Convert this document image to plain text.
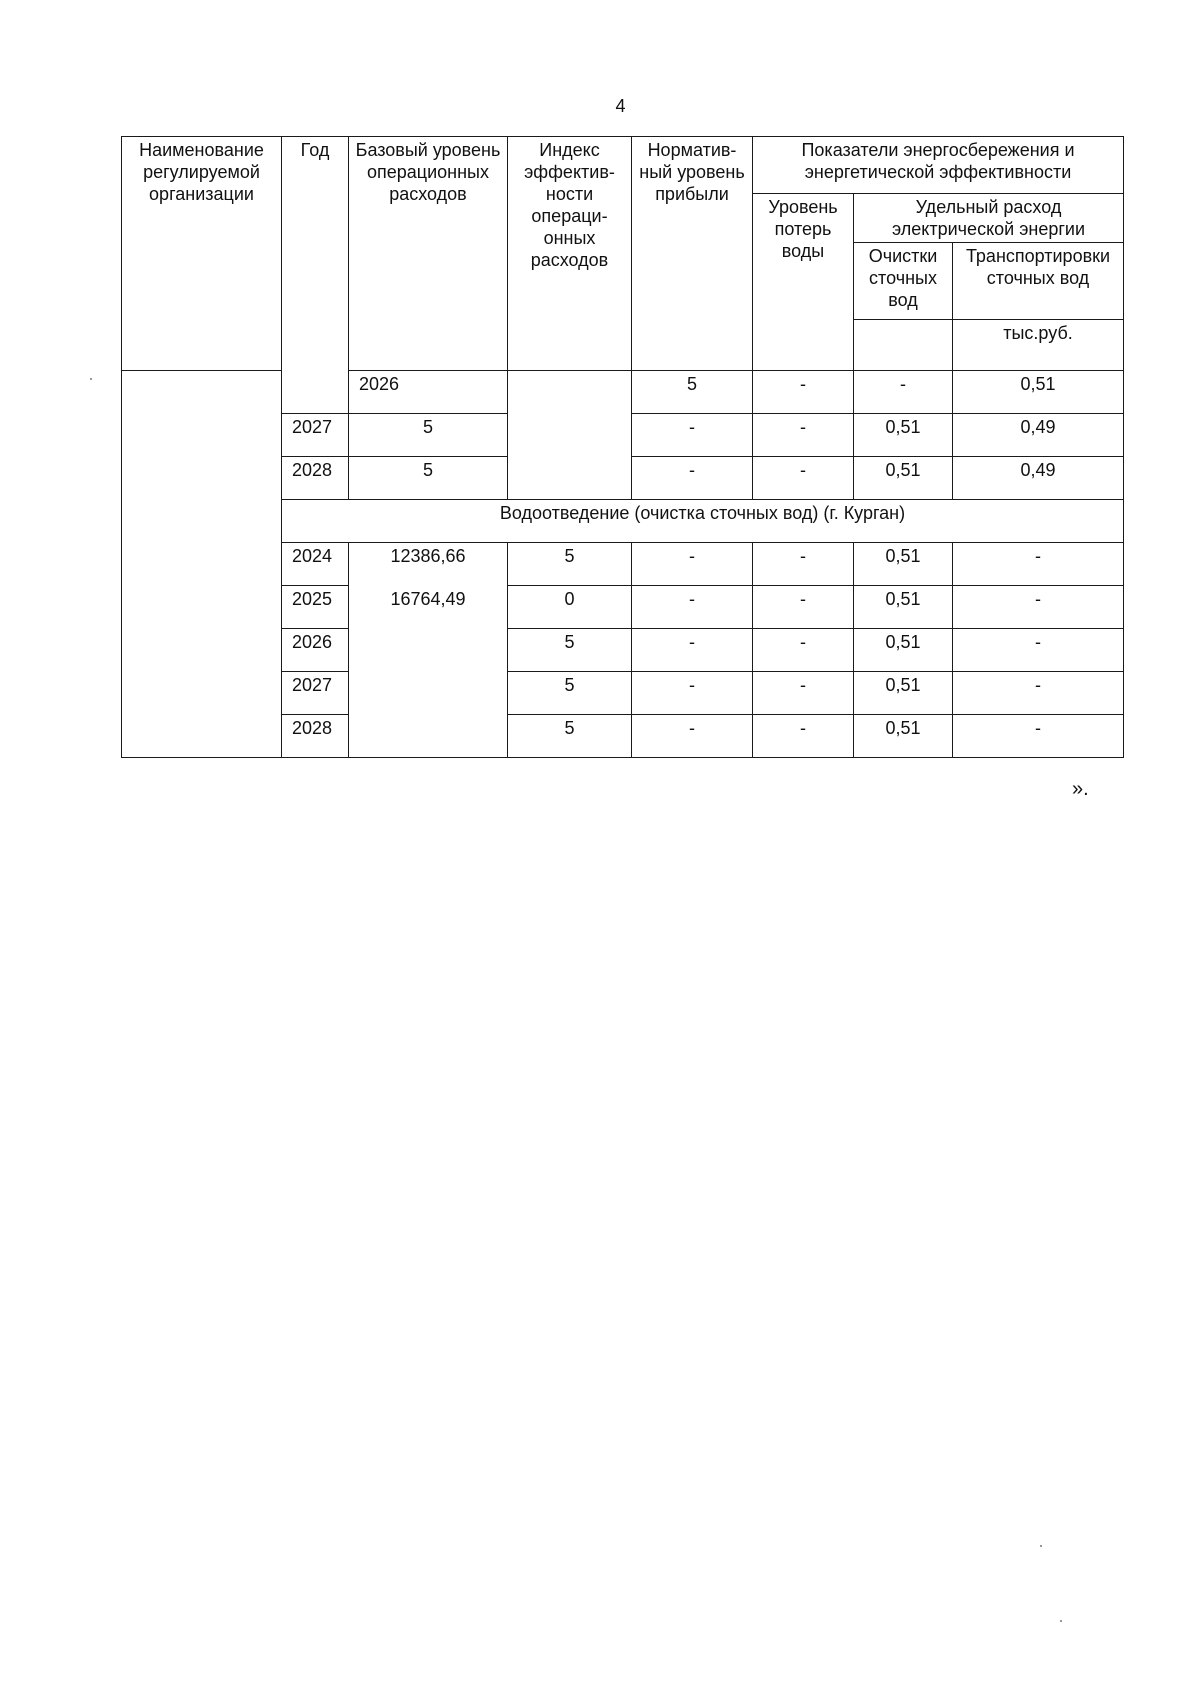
4
Наименование регулируемой организации	Год	Базовый уровень операционных расходов	Индекс эффектив-ности операци-онных расходов	Норматив-ный уровень прибыли	Показатели энергосбережения и энергетической эффективности			
					Уровень потерь воды	Удельный расход электрической энергии		
						Очистки сточных вод	Транспортировки сточных вод	
							тыс.руб.					
		2026		5	-	-	0,51	
	2027	5		-	-	0,51	0,49	
	2028	5		-	-	0,51	0,49	
	Водоотведение (очистка сточных вод) (г. Курган)							
	2024	12386,66	5	-	-	0,51	-	
	2025	16764,49	0	-	-	0,51	-	
	2026		5	-	-	0,51	-	
	2027		5	-	-	0,51	-	
	2028		5	-	-	0,51	-	
».
